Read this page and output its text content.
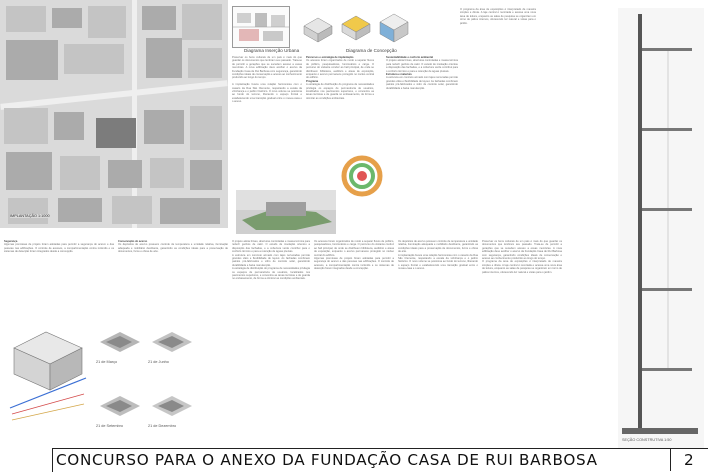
IMPLANTAÇÃO 1:1000
Diagrama Inserção Urbana	Diagrama de Concepção
Preservar os bens culturais de um país é mais do que guardar os documentos que lembram seu passado. Trata-se de permitir a gerações que se sucedem acesso a essas memórias. A nova edificação deve acolher o acervo da Fundação Casa de Rui Barbosa com segurança, garantindo condições ideais de conservação e acesso ao conhecimento produzido ao longo do tempo.

A implantação busca uma relação harmoniosa com o casario da Rua São Clemente, respeitando a escala da vizinhança e o jardim histórico. O novo volume se posiciona ao fundo do terreno, liberando o espaço frontal e estabelecendo uma transição gradual entre o museu-casa e o anexo.
Percursos e estratégia de implantação
Os acessos foram organizados de modo a separar fluxos de público, pesquisadores, funcionários e carga. O percurso do visitante conduz ao hall principal, de onde se distribuem biblioteca, auditório e áreas de exposição, enquanto o acervo permanece protegido no núcleo central do edifício.
Programa
A estratégia de distribuição do programa de necessidades privilegia os espaços de permanência de usuários, localizados nos pavimentos superiores, e concentra as áreas técnicas e de guarda no embasamento, de forma a otimizar as condições ambientais.
Sustentabilidade e conforto ambiental
O projeto adota brises, aberturas controladas e massa térmica para reduzir ganhos de calor. O estudo de insolação orientou a disposição das fachadas, e a cobertura verde contribui para o conforto térmico e para a retenção de águas pluviais.
Estrutura e materiais
A estrutura em concreto armado com lajes nervuradas permite grandes vãos e flexibilidade de layout. As fachadas combinam painéis pré-fabricados e vidro de controle solar, garantindo durabilidade e baixa manutenção.
O programa da área de exposições é interpretado de maneira simples e direta. A laje central é recortada e acessa uma nova área de leitura, enquanto as salas de pesquisa se organizam em torno de pátios internos, oferecendo luz natural e vistas para o jardim.
Segurança
Algumas premissas de projeto foram adotadas para permitir a segurança do acervo e das pessoas nas edificações. O controle de acessos, a compartimentação contra incêndio e os sistemas de detecção foram integrados desde a concepção.
Conservação do acervo
Os depósitos de acervo possuem controle de temperatura e umidade relativa, iluminação adequada e mobiliário deslizante, garantindo as condições ideais para a preservação de documentos, livros e obras de arte.
21 de Março	21 de Junho
21 de Setembro	21 de Dezembro
O projeto adota brises, aberturas controladas e massa térmica para reduzir ganhos de calor. O estudo de insolação orientou a disposição das fachadas, e a cobertura verde contribui para o conforto térmico e para a retenção de águas pluviais.
A estrutura em concreto armado com lajes nervuradas permite grandes vãos e flexibilidade de layout. As fachadas combinam painéis pré-fabricados e vidro de controle solar, garantindo durabilidade e baixa manutenção.
A estratégia de distribuição do programa de necessidades privilegia os espaços de permanência de usuários, localizados nos pavimentos superiores, e concentra as áreas técnicas e de guarda no embasamento, de forma a otimizar as condições ambientais.
Os acessos foram organizados de modo a separar fluxos de público, pesquisadores, funcionários e carga. O percurso do visitante conduz ao hall principal, de onde se distribuem biblioteca, auditório e áreas de exposição, enquanto o acervo permanece protegido no núcleo central do edifício.
Algumas premissas de projeto foram adotadas para permitir a segurança do acervo e das pessoas nas edificações. O controle de acessos, a compartimentação contra incêndio e os sistemas de detecção foram integrados desde a concepção.
Os depósitos de acervo possuem controle de temperatura e umidade relativa, iluminação adequada e mobiliário deslizante, garantindo as condições ideais para a preservação de documentos, livros e obras de arte.
A implantação busca uma relação harmoniosa com o casario da Rua São Clemente, respeitando a escala da vizinhança e o jardim histórico. O novo volume se posiciona ao fundo do terreno, liberando o espaço frontal e estabelecendo uma transição gradual entre o museu-casa e o anexo.
Preservar os bens culturais de um país é mais do que guardar os documentos que lembram seu passado. Trata-se de permitir a gerações que se sucedem acesso a essas memórias. A nova edificação deve acolher o acervo da Fundação Casa de Rui Barbosa com segurança, garantindo condições ideais de conservação e acesso ao conhecimento produzido ao longo do tempo.
O programa da área de exposições é interpretado de maneira simples e direta. A laje central é recortada e acessa uma nova área de leitura, enquanto as salas de pesquisa se organizam em torno de pátios internos, oferecendo luz natural e vistas para o jardim.
SEÇÃO CONSTRUTIVA 1:50
CONCURSO PARA O ANEXO DA FUNDAÇÃO CASA DE RUI BARBOSA	2
